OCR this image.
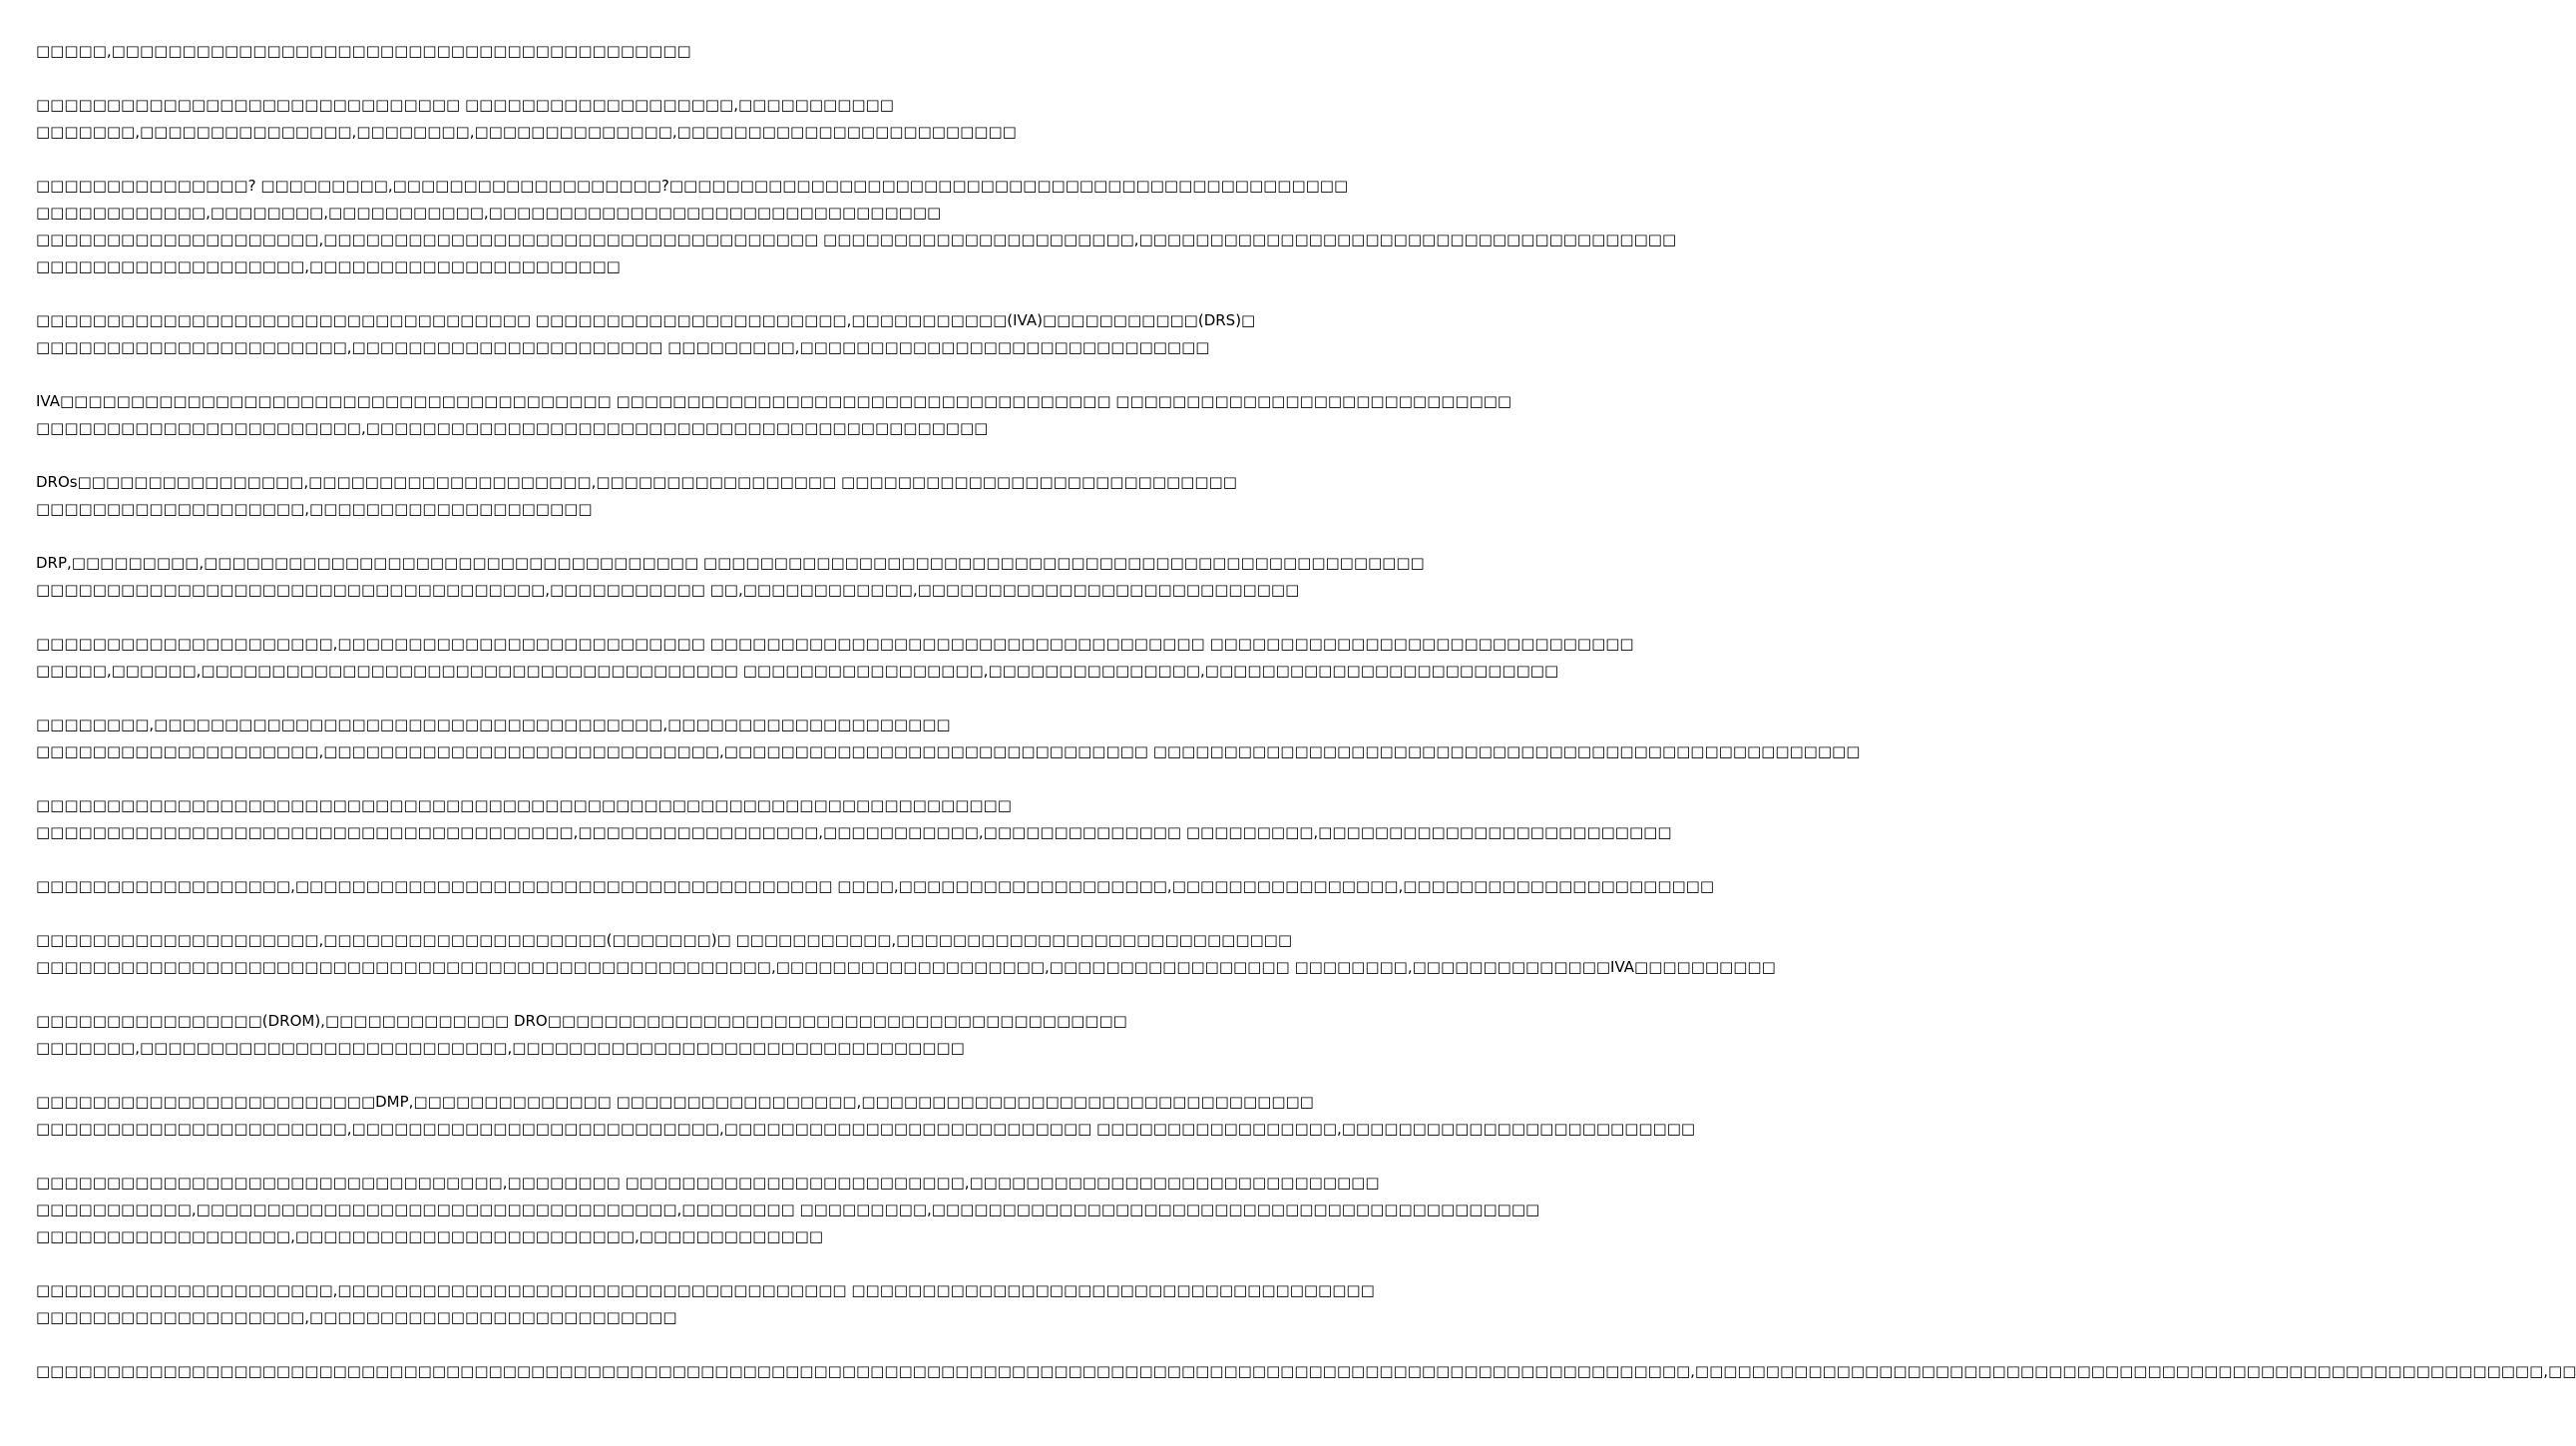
□□□□□,□□□□□□□□□□□□□□□□□□□□□□□□□□□□□□□□□□□□□□□□□
□□□□□□□□□□□□□□□□□□□□□□□□□□□□□□ □□□□□□□□□□□□□□□□□□□,□□□□□□□□□□□
□□□□□□□,□□□□□□□□□□□□□□□,□□□□□□□□,□□□□□□□□□□□□□□,□□□□□□□□□□□□□□□□□□□□□□□□
□□□□□□□□□□□□□□□? □□□□□□□□□,□□□□□□□□□□□□□□□□□□□?□□□□□□□□□□□□□□□□□□□□□□□□□□□□□□□□□□□□□□□□□□□□□□□□
□□□□□□□□□□□□,□□□□□□□□,□□□□□□□□□□□,□□□□□□□□□□□□□□□□□□□□□□□□□□□□□□□□
□□□□□□□□□□□□□□□□□□□□,□□□□□□□□□□□□□□□□□□□□□□□□□□□□□□□□□□□ □□□□□□□□□□□□□□□□□□□□□□,□□□□□□□□□□□□□□□□□□□□□□□□□□□□□□□□□□□□□□
□□□□□□□□□□□□□□□□□□□,□□□□□□□□□□□□□□□□□□□□□□
□□□□□□□□□□□□□□□□□□□□□□□□□□□□□□□□□□□ □□□□□□□□□□□□□□□□□□□□□□,□□□□□□□□□□□(IVA)□□□□□□□□□□□(DRS)□
□□□□□□□□□□□□□□□□□□□□□□,□□□□□□□□□□□□□□□□□□□□□□ □□□□□□□□□,□□□□□□□□□□□□□□□□□□□□□□□□□□□□□
IVA□□□□□□□□□□□□□□□□□□□□□□□□□□□□□□□□□□□□□□□ □□□□□□□□□□□□□□□□□□□□□□□□□□□□□□□□□□□ □□□□□□□□□□□□□□□□□□□□□□□□□□□□
□□□□□□□□□□□□□□□□□□□□□□□,□□□□□□□□□□□□□□□□□□□□□□□□□□□□□□□□□□□□□□□□□□□□
DROs□□□□□□□□□□□□□□□□,□□□□□□□□□□□□□□□□□□□□,□□□□□□□□□□□□□□□□□ □□□□□□□□□□□□□□□□□□□□□□□□□□□□
□□□□□□□□□□□□□□□□□□□,□□□□□□□□□□□□□□□□□□□□
DRP,□□□□□□□□□,□□□□□□□□□□□□□□□□□□□□□□□□□□□□□□□□□□□ □□□□□□□□□□□□□□□□□□□□□□□□□□□□□□□□□□□□□□□□□□□□□□□□□□□
□□□□□□□□□□□□□□□□□□□□□□□□□□□□□□□□□□□□,□□□□□□□□□□□ □□,□□□□□□□□□□□□,□□□□□□□□□□□□□□□□□□□□□□□□□□□
□□□□□□□□□□□□□□□□□□□□□,□□□□□□□□□□□□□□□□□□□□□□□□□□ □□□□□□□□□□□□□□□□□□□□□□□□□□□□□□□□□□□ □□□□□□□□□□□□□□□□□□□□□□□□□□□□□□
□□□□□,□□□□□□,□□□□□□□□□□□□□□□□□□□□□□□□□□□□□□□□□□□□□□ □□□□□□□□□□□□□□□□□,□□□□□□□□□□□□□□□,□□□□□□□□□□□□□□□□□□□□□□□□□
□□□□□□□□,□□□□□□□□□□□□□□□□□□□□□□□□□□□□□□□□□□□□,□□□□□□□□□□□□□□□□□□□□
□□□□□□□□□□□□□□□□□□□□,□□□□□□□□□□□□□□□□□□□□□□□□□□□□,□□□□□□□□□□□□□□□□□□□□□□□□□□□□□□ □□□□□□□□□□□□□□□□□□□□□□□□□□□□□□□□□□□□□□□□□□□□□□□□□□
□□□□□□□□□□□□□□□□□□□□□□□□□□□□□□□□□□□□□□□□□□□□□□□□□□□□□□□□□□□□□□□□□□□□□
□□□□□□□□□□□□□□□□□□□□□□□□□□□□□□□□□□□□□□,□□□□□□□□□□□□□□□□□,□□□□□□□□□□□,□□□□□□□□□□□□□□ □□□□□□□□□,□□□□□□□□□□□□□□□□□□□□□□□□□
□□□□□□□□□□□□□□□□□□,□□□□□□□□□□□□□□□□□□□□□□□□□□□□□□□□□□□□□□ □□□□,□□□□□□□□□□□□□□□□□□□,□□□□□□□□□□□□□□□□,□□□□□□□□□□□□□□□□□□□□□□
□□□□□□□□□□□□□□□□□□□□,□□□□□□□□□□□□□□□□□□□□(□□□□□□□)□ □□□□□□□□□□□,□□□□□□□□□□□□□□□□□□□□□□□□□□□□
□□□□□□□□□□□□□□□□□□□□□□□□□□□□□□□□□□□□□□□□□□□□□□□□□□□□,□□□□□□□□□□□□□□□□□□□,□□□□□□□□□□□□□□□□□ □□□□□□□□,□□□□□□□□□□□□□□IVA□□□□□□□□□□
□□□□□□□□□□□□□□□□(DROM),□□□□□□□□□□□□□ DRO□□□□□□□□□□□□□□□□□□□□□□□□□□□□□□□□□□□□□□□□□
□□□□□□□,□□□□□□□□□□□□□□□□□□□□□□□□□□,□□□□□□□□□□□□□□□□□□□□□□□□□□□□□□□□
□□□□□□□□□□□□□□□□□□□□□□□□DMP,□□□□□□□□□□□□□□ □□□□□□□□□□□□□□□□□,□□□□□□□□□□□□□□□□□□□□□□□□□□□□□□□□
□□□□□□□□□□□□□□□□□□□□□□,□□□□□□□□□□□□□□□□□□□□□□□□□□,□□□□□□□□□□□□□□□□□□□□□□□□□□ □□□□□□□□□□□□□□□□□,□□□□□□□□□□□□□□□□□□□□□□□□□
□□□□□□□□□□□□□□□□□□□□□□□□□□□□□□□□□,□□□□□□□□ □□□□□□□□□□□□□□□□□□□□□□□□,□□□□□□□□□□□□□□□□□□□□□□□□□□□□□
□□□□□□□□□□□,□□□□□□□□□□□□□□□□□□□□□□□□□□□□□□□□□□,□□□□□□□□ □□□□□□□□□,□□□□□□□□□□□□□□□□□□□□□□□□□□□□□□□□□□□□□□□□□□□
□□□□□□□□□□□□□□□□□□,□□□□□□□□□□□□□□□□□□□□□□□□,□□□□□□□□□□□□□
□□□□□□□□□□□□□□□□□□□□□,□□□□□□□□□□□□□□□□□□□□□□□□□□□□□□□□□□□□ □□□□□□□□□□□□□□□□□□□□□□□□□□□□□□□□□□□□□
□□□□□□□□□□□□□□□□□□□,□□□□□□□□□□□□□□□□□□□□□□□□□□
□□□□□□□□□□□□□□□□□□□□□□□□□□□□□□□□□□□□□□□□□□□□□□□□□□□□□□□□□□□□□□□□□□□□□□□□□□□□□□□□□□□□□□□□□□□□□□□□□□□□□□□□□□□□□□□□□□□□□,□□□□□□□□□□□□□□□□□□□□□□□□□□□□□□□□□□□□□□□□□□□□□□□□□□□□□□□□□□□□,□□
